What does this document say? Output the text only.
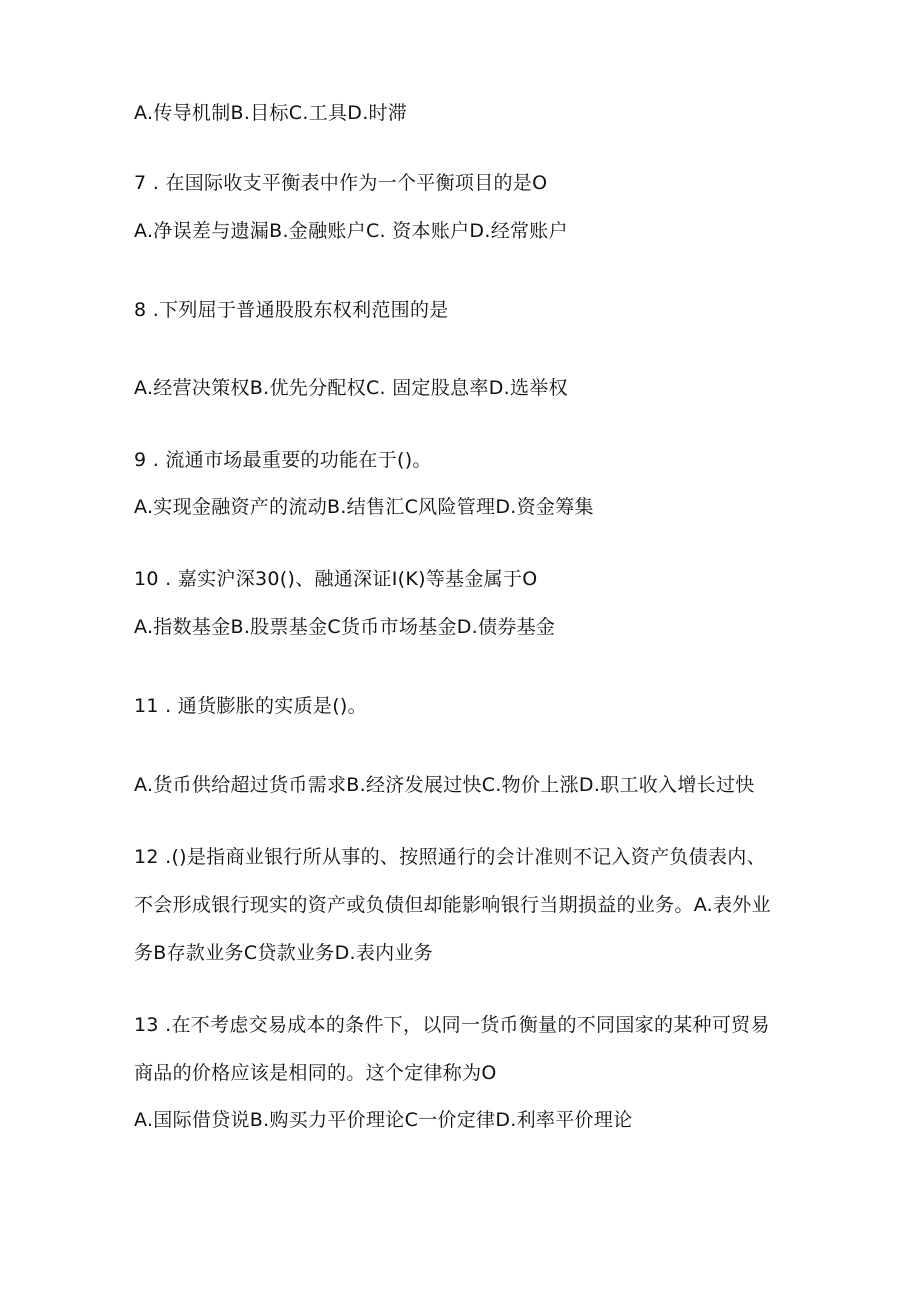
A.传导机制B.目标C.工具D.时滞
7 . 在国际收支平衡表中作为一个平衡项目的是O
A.净误差与遗漏B.金融账户C. 资本账户D.经常账户
8 .下列屈于普通股股东权利范围的是
A.经营决策权B.优先分配权C. 固定股息率D.选举权
9 . 流通市场最重要的功能在于()。
A.实现金融资产的流动B.结售汇C风险管理D.资金筹集
10 . 嘉实沪深30()、融通深证I(K)等基金属于O
A.指数基金B.股票基金C货币市场基金D.债券基金
11 . 通货膨胀的实质是()。
A.货币供给超过货币需求B.经济发展过快C.物价上涨D.职工收入增长过快
12 .()是指商业银行所从事的、按照通行的会计准则不记入资产负债表内、
不会形成银行现实的资产或负债但却能影响银行当期损益的业务。A.表外业
务B存款业务C贷款业务D.表内业务
13 .在不考虑交易成本的条件下，以同一货币衡量的不同国家的某种可贸易
商品的价格应该是相同的。这个定律称为O
A.国际借贷说B.购买力平价理论C一价定律D.利率平价理论
